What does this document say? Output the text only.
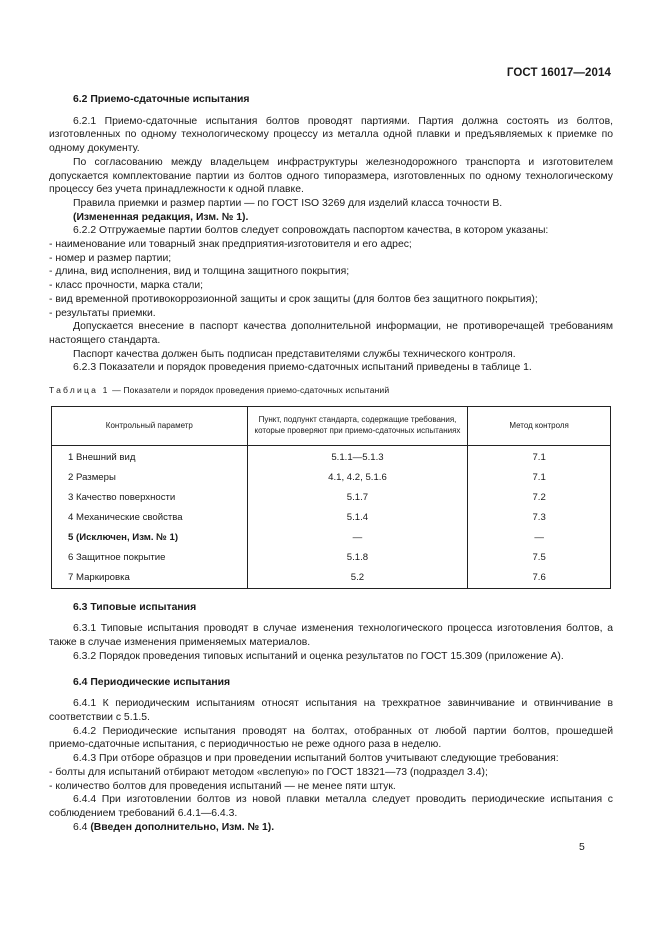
ГОСТ 16017—2014
6.2 Приемо-сдаточные испытания

6.2.1 Приемо-сдаточные испытания болтов проводят партиями. Партия должна состоять из болтов, изготовленных по одному технологическому процессу из металла одной плавки и предъявляемых к приемке по одному документу.

По согласованию между владельцем инфраструктуры железнодорожного транспорта и изготовителем допускается комплектование партии из болтов одного типоразмера, изготовленных по одному технологическому процессу без учета принадлежности к одной плавке.

Правила приемки и размер партии — по ГОСТ ISO 3269 для изделий класса точности B.

(Измененная редакция, Изм. № 1).

6.2.2 Отгружаемые партии болтов следует сопровождать паспортом качества, в котором указаны:

- наименование или товарный знак предприятия-изготовителя и его адрес;

- номер и размер партии;

- длина, вид исполнения, вид и толщина защитного покрытия;

- класс прочности, марка стали;

- вид временной противокоррозионной защиты и срок защиты (для болтов без защитного покрытия);

- результаты приемки.

Допускается внесение в паспорт качества дополнительной информации, не противоречащей требованиям настоящего стандарта.

Паспорт качества должен быть подписан представителями службы технического контроля.

6.2.3 Показатели и порядок проведения приемо-сдаточных испытаний приведены в таблице 1.

Таблица 1 — Показатели и порядок проведения приемо-сдаточных испытаний
Контрольный параметр	Пункт, подпункт стандарта, содержащие требования, которые проверяют при приемо-сдаточных испытаниях	Метод контроля
1 Внешний вид	5.1.1—5.1.3	7.1
2 Размеры	4.1, 4.2, 5.1.6	7.1
3 Качество поверхности	5.1.7	7.2
4 Механические свойства	5.1.4	7.3
5 (Исключен, Изм. № 1)	—	—
6 Защитное покрытие	5.1.8	7.5
7 Маркировка	5.2	7.6
6.3 Типовые испытания

6.3.1 Типовые испытания проводят в случае изменения технологического процесса изготовления болтов, а также в случае изменения применяемых материалов.

6.3.2 Порядок проведения типовых испытаний и оценка результатов по ГОСТ 15.309 (приложение А).

6.4 Периодические испытания

6.4.1 К периодическим испытаниям относят испытания на трехкратное завинчивание и отвинчивание в соответствии с 5.1.5.

6.4.2 Периодические испытания проводят на болтах, отобранных от любой партии болтов, прошедшей приемо-сдаточные испытания, с периодичностью не реже одного раза в неделю.

6.4.3 При отборе образцов и при проведении испытаний болтов учитывают следующие требования:

- болты для испытаний отбирают методом «вслепую» по ГОСТ 18321—73 (подраздел 3.4);

- количество болтов для проведения испытаний — не менее пяти штук.

6.4.4 При изготовлении болтов из новой плавки металла следует проводить периодические испытания с соблюдением требований 6.4.1—6.4.3.

6.4 (Введен дополнительно, Изм. № 1).

5
